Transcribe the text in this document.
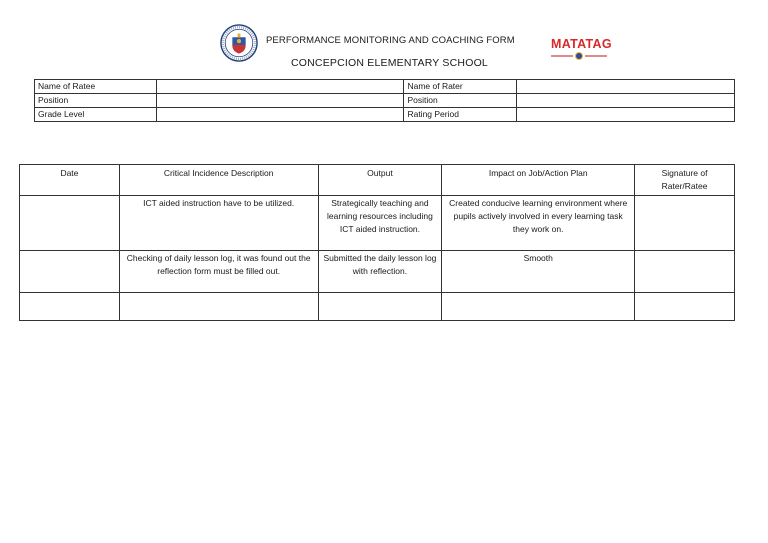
PERFORMANCE MONITORING AND COACHING FORM
CONCEPCION ELEMENTARY SCHOOL
MATATAG
Name of Ratee		Name of Rater	
Position		Position	
Grade Level		Rating Period	
Date	Critical Incidence Description	Output	Impact on Job/Action Plan	Signature of Rater/Ratee
	ICT aided instruction have to be utilized.	Strategically teaching and learning resources including ICT aided instruction.	Created conducive learning environment where pupils actively involved in every learning task they work on.	
	Checking of daily lesson log, it was found out the reflection form must be filled out.	Submitted the daily lesson log with reflection.	Smooth	
